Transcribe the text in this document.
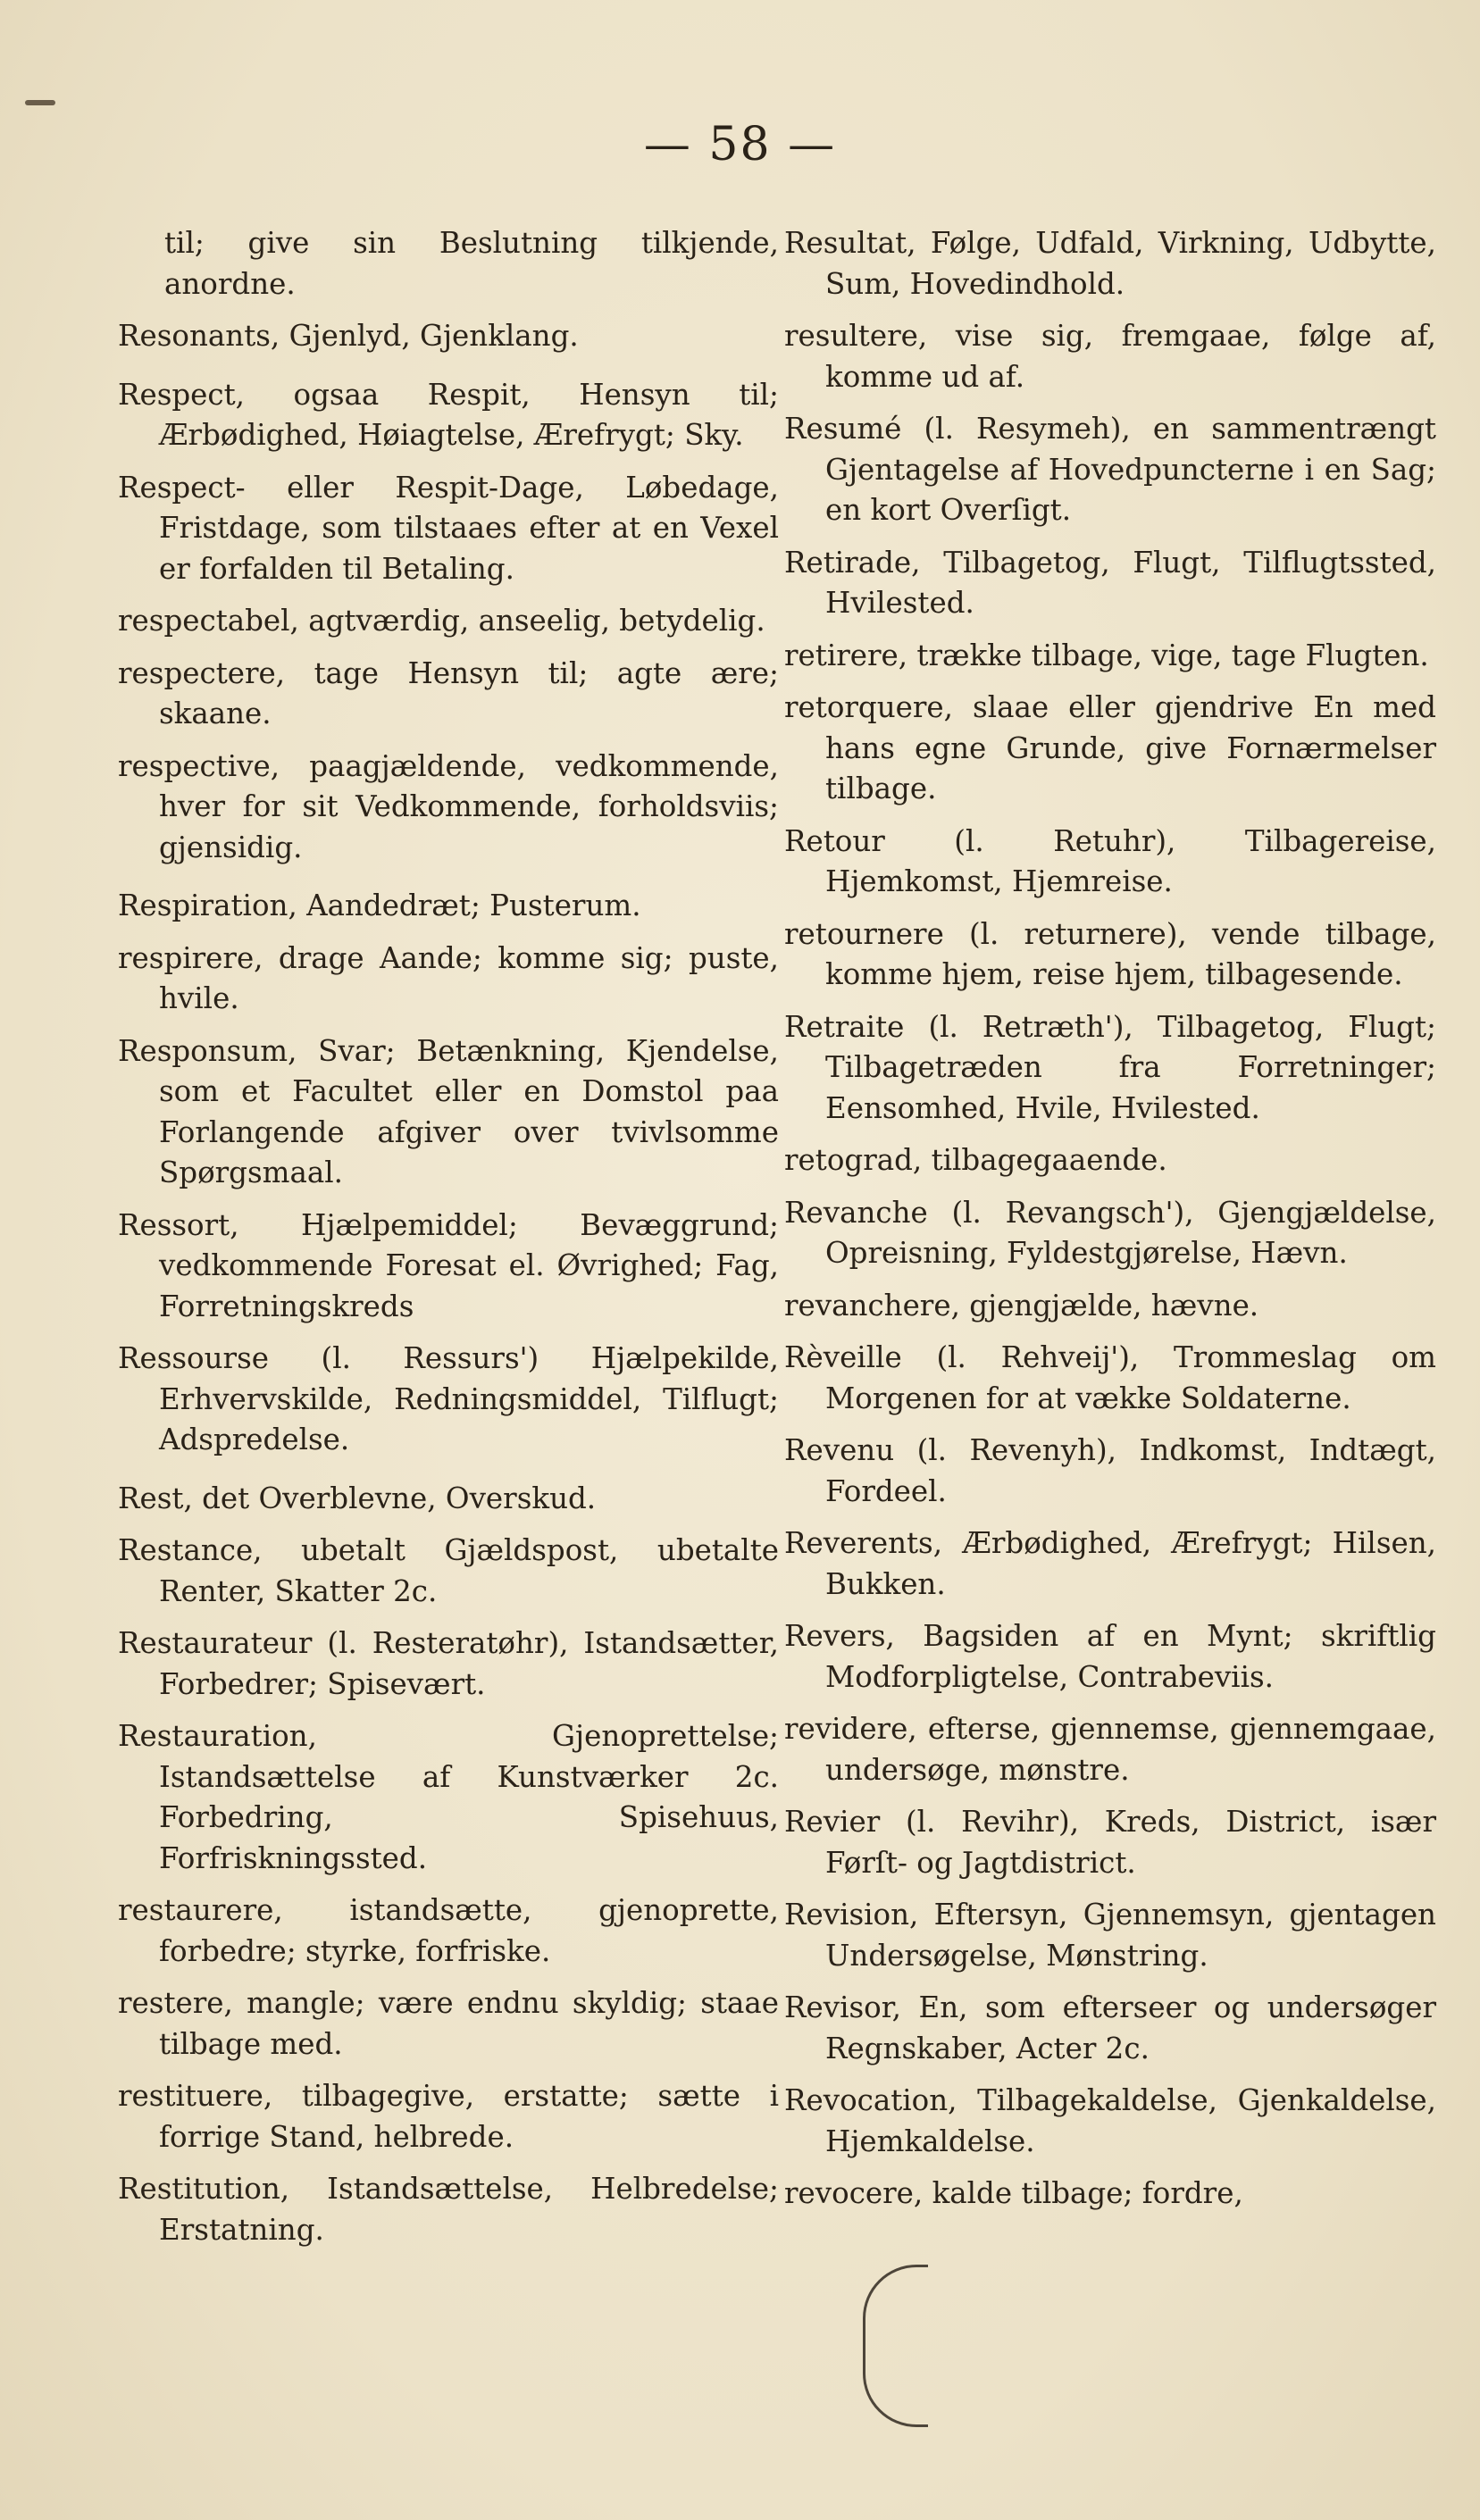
— 58 —

til; give sin Beslutning tilkjende, anordne.

Resonants, Gjenlyd, Gjenklang.

Respect, ogsaa Respit, Hensyn til; Ærbødighed, Høiagtelse, Ærefrygt; Sky.

Respect- eller Respit-Dage, Løbedage, Fristdage, som tilstaaes efter at en Vexel er forfalden til Betaling.

respectabel, agtværdig, anseelig, betydelig.

respectere, tage Hensyn til; agte ære; skaane.

respective, paagjældende, vedkommende, hver for sit Vedkommende, forholdsviis; gjensidig.

Respiration, Aandedræt; Pusterum.

respirere, drage Aande; komme sig; puste, hvile.

Responsum, Svar; Betænkning, Kjendelse, som et Facultet eller en Domstol paa Forlangende afgiver over tvivlsomme Spørgsmaal.

Ressort, Hjælpemiddel; Bevæggrund; vedkommende Foresat el. Øvrighed; Fag, Forretningskreds

Ressourse (l. Ressurs') Hjælpekilde, Erhvervskilde, Redningsmiddel, Tilflugt; Adspredelse.

Rest, det Overblevne, Overskud.

Restance, ubetalt Gjældspost, ubetalte Renter, Skatter 2c.

Restaurateur (l. Resteratøhr), Istandsætter, Forbedrer; Spisevært.

Restauration, Gjenoprettelse; Istandsættelse af Kunstværker 2c. Forbedring, Spisehuus, Forfriskningssted.

restaurere, istandsætte, gjenoprette, forbedre; styrke, forfriske.

restere, mangle; være endnu skyldig; staae tilbage med.

restituere, tilbagegive, erstatte; sætte i forrige Stand, helbrede.

Restitution, Istandsættelse, Helbredelse; Erstatning.

Resultat, Følge, Udfald, Virkning, Udbytte, Sum, Hovedindhold.

resultere, vise sig, fremgaae, følge af, komme ud af.

Resumé (l. Resymeh), en sammentrængt Gjentagelse af Hovedpuncterne i en Sag; en kort Overſigt.

Retirade, Tilbagetog, Flugt, Tilflugtssted, Hvilested.

retirere, trække tilbage, vige, tage Flugten.

retorquere, slaae eller gjendrive En med hans egne Grunde, give Fornærmelser tilbage.

Retour (l. Retuhr), Tilbagereise, Hjemkomst, Hjemreise.

retournere (l. returnere), vende tilbage, komme hjem, reise hjem, tilbagesende.

Retraite (l. Retræth'), Tilbagetog, Flugt; Tilbagetræden fra Forretninger; Eensomhed, Hvile, Hvilested.

retograd, tilbagegaaende.

Revanche (l. Revangsch'), Gjengjældelse, Opreisning, Fyldestgjørelse, Hævn.

revanchere, gjengjælde, hævne.

Rèveille (l. Rehveij'), Trommeslag om Morgenen for at vække Soldaterne.

Revenu (l. Revenyh), Indkomst, Indtægt, Fordeel.

Reverents, Ærbødighed, Ærefrygt; Hilsen, Bukken.

Revers, Bagsiden af en Mynt; skriftlig Modforpligtelse, Contrabeviis.

revidere, efterse, gjennemse, gjennemgaae, undersøge, mønstre.

Revier (l. Revihr), Kreds, District, især Førſt- og Jagtdistrict.

Revision, Eftersyn, Gjennemsyn, gjentagen Undersøgelse, Mønstring.

Revisor, En, som efterseer og undersøger Regnskaber, Acter 2c.

Revocation, Tilbagekaldelse, Gjenkaldelse, Hjemkaldelse.

revocere, kalde tilbage; fordre,
